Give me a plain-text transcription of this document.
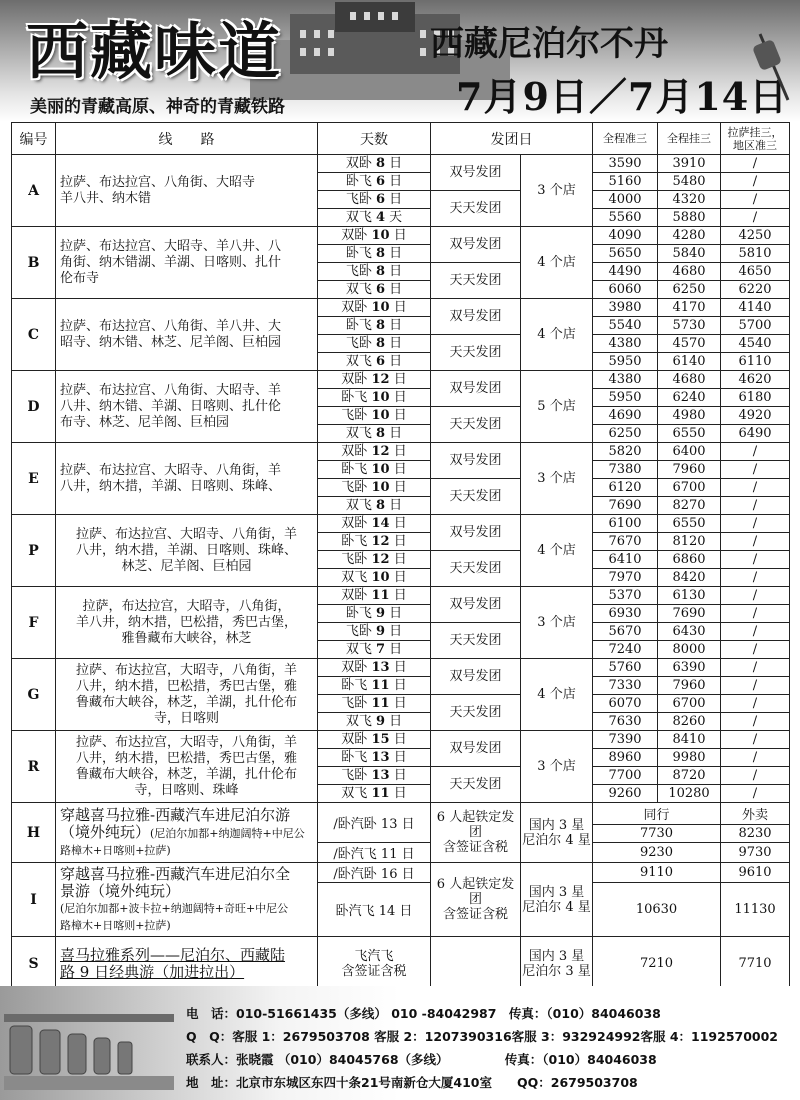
西藏味道
美丽的青藏高原、神奇的青藏铁路
西藏尼泊尔不丹
7月9日／7月14日
编号	线　　路	天数	发团日		全程准三	全程挂三	拉萨挂三，
地区准三

A	拉萨、布达拉宫、八角街、大昭寺
羊八井、纳木错	双卧 8 日	双号发团	3 个店	3590	3910	/
		卧飞 6 日			5160	5480	/
		飞卧 6 日	天天发团		4000	4320	/
		双飞 4 天			5560	5880	/
B	拉萨、布达拉宫、大昭寺、羊八井、八
角街、纳木错湖、羊湖、日喀则、扎什
伦布寺	双卧 10 日	双号发团	4 个店	4090	4280	4250
		卧飞 8 日			5650	5840	5810
		飞卧 8 日	天天发团		4490	4680	4650
		双飞 6 日			6060	6250	6220
C	拉萨、布达拉宫、八角街、羊八井、大
昭寺、纳木错、林芝、尼羊阁、巨柏园	双卧 10 日	双号发团	4 个店	3980	4170	4140
		卧飞 8 日			5540	5730	5700
		飞卧 8 日	天天发团		4380	4570	4540
		双飞 6 日			5950	6140	6110
D	拉萨、布达拉宫、八角街、大昭寺、羊
八井、纳木错、羊湖、日喀则、扎什伦
布寺、林芝、尼羊阁、巨柏园	双卧 12 日	双号发团	5 个店	4380	4680	4620
		卧飞 10 日			5950	6240	6180
		飞卧 10 日	天天发团		4690	4980	4920
		双飞 8 日			6250	6550	6490
E	拉萨、布达拉宫、大昭寺、八角街，羊
八井，纳木措，羊湖、日喀则、珠峰、	双卧 12 日	双号发团	3 个店	5820	6400	/
		卧飞 10 日			7380	7960	/
		飞卧 10 日	天天发团		6120	6700	/
		双飞 8 日			7690	8270	/
P	拉萨、布达拉宫、大昭寺、八角街，羊
八井，纳木措，羊湖、日喀则、珠峰、
林芝、尼羊阁、巨柏园	双卧 14 日	双号发团	4 个店	6100	6550	/
		卧飞 12 日			7670	8120	/
		飞卧 12 日	天天发团		6410	6860	/
		双飞 10 日			7970	8420	/
F	拉萨，布达拉宫，大昭寺，八角街，
羊八井，纳木措，巴松措，秀巴古堡，
雅鲁藏布大峡谷，林芝	双卧 11 日	双号发团	3 个店	5370	6130	/
		卧飞 9 日			6930	7690	/
		飞卧 9 日	天天发团		5670	6430	/
		双飞 7 日			7240	8000	/
G	拉萨、布达拉宫，大昭寺，八角街，羊
八井，纳木措，巴松措，秀巴古堡，雅
鲁藏布大峡谷，林芝，羊湖，扎什伦布
寺，日喀则	双卧 13 日	双号发团	4 个店	5760	6390	/
		卧飞 11 日			7330	7960	/
		飞卧 11 日	天天发团		6070	6700	/
		双飞 9 日			7630	8260	/
R	拉萨、布达拉宫，大昭寺，八角街，羊
八井，纳木措，巴松措，秀巴古堡，雅
鲁藏布大峡谷，林芝，羊湖，扎什伦布
寺，日喀则、珠峰	双卧 15 日	双号发团	3 个店	7390	8410	/
		卧飞 13 日			8960	9980	/
		飞卧 13 日	天天发团		7700	8720	/
		双飞 11 日			9260	10280	/
H	穿越喜马拉雅-西藏汽车进尼泊尔游
（境外纯玩）(尼泊尔加都+纳迦阔特+中尼公
路樟木+日喀则+拉萨)	/卧汽卧 13 日	6 人起铁定发团
含签证含税	国内 3 星
尼泊尔 4 星	同行		外卖
					7730		8230
		/卧汽飞 11 日			9230		9730
I	穿越喜马拉雅-西藏汽车进尼泊尔全
景游（境外纯玩）
(尼泊尔加都+波卡拉+纳迦阔特+奇旺+中尼公
路樟木+日喀则+拉萨)	/卧汽卧 16 日	6 人起铁定发团
含签证含税	国内 3 星
尼泊尔 4 星	9110		9610
		卧汽飞 14 日			10630		11130

S	喜马拉雅系列——尼泊尔、西藏陆
路 9 日经典游（加进拉出）	飞汽飞
含签证含税		国内 3 星
尼泊尔 3 星	7210		7710
电　话：010-51661435（多线） 010 -84042987　传真：（010）84046038
Q　Q：客服 1：2679503708 客服 2：1207390316客服 3：932924992客服 4：1192570002
联系人：张晓霞 （010）84045768（多线）　　　　　传真：（010）84046038
地　址：北京市东城区东四十条21号南新仓大厦410室　　QQ：2679503708
